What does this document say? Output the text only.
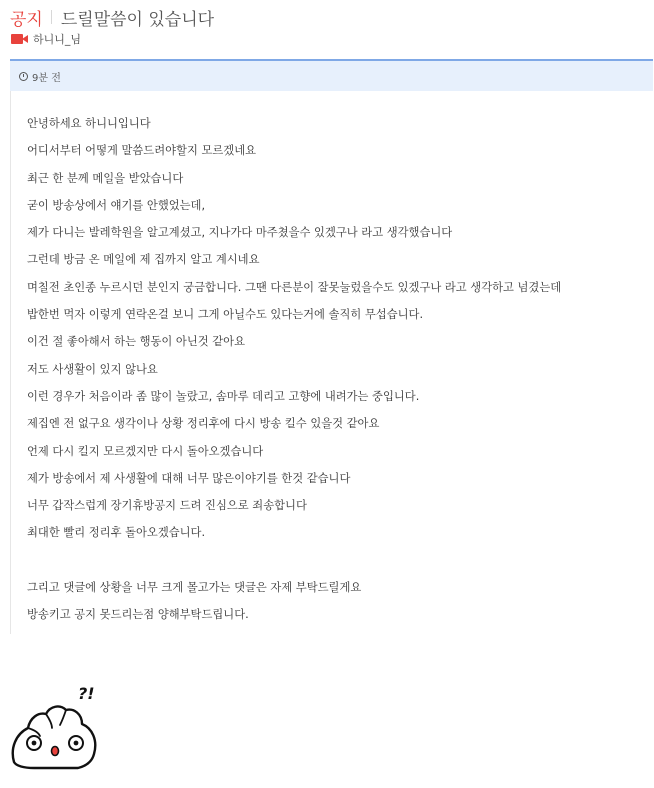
공지 드릴말씀이 있습니다
하니니_님
9분 전
안녕하세요 하니니입니다
어디서부터 어떻게 말씀드려야할지 모르겠네요
최근 한 분께 메일을 받았습니다
굳이 방송상에서 얘기를 안했었는데,
제가 다니는 발레학원을 알고계셨고, 지나가다 마주쳤을수 있겠구나 라고 생각했습니다
그런데 방금 온 메일에 제 집까지 알고 계시네요
며칠전 초인종 누르시던 분인지 궁금합니다. 그땐 다른분이 잘못눌렀을수도 있겠구나 라고 생각하고 넘겼는데
밥한번 먹자 이렇게 연락온걸 보니 그게 아닐수도 있다는거에 솔직히 무섭습니다.
이건 절 좋아해서 하는 행동이 아닌것 같아요
저도 사생활이 있지 않나요
이런 경우가 처음이라 좀 많이 놀랐고, 솜마루 데리고 고향에 내려가는 중입니다.
제집엔 전 없구요 생각이나 상황 정리후에 다시 방송 킬수 있을것 같아요
언제 다시 킬지 모르겠지만 다시 돌아오겠습니다
제가 방송에서 제 사생활에 대해 너무 많은이야기를 한것 같습니다
너무 갑작스럽게 장기휴방공지 드려 진심으로 죄송합니다
최대한 빨리 정리후 돌아오겠습니다.
그리고 댓글에 상황을 너무 크게 몰고가는 댓글은 자제 부탁드릴게요
방송키고 공지 못드리는점 양해부탁드립니다.
?!
